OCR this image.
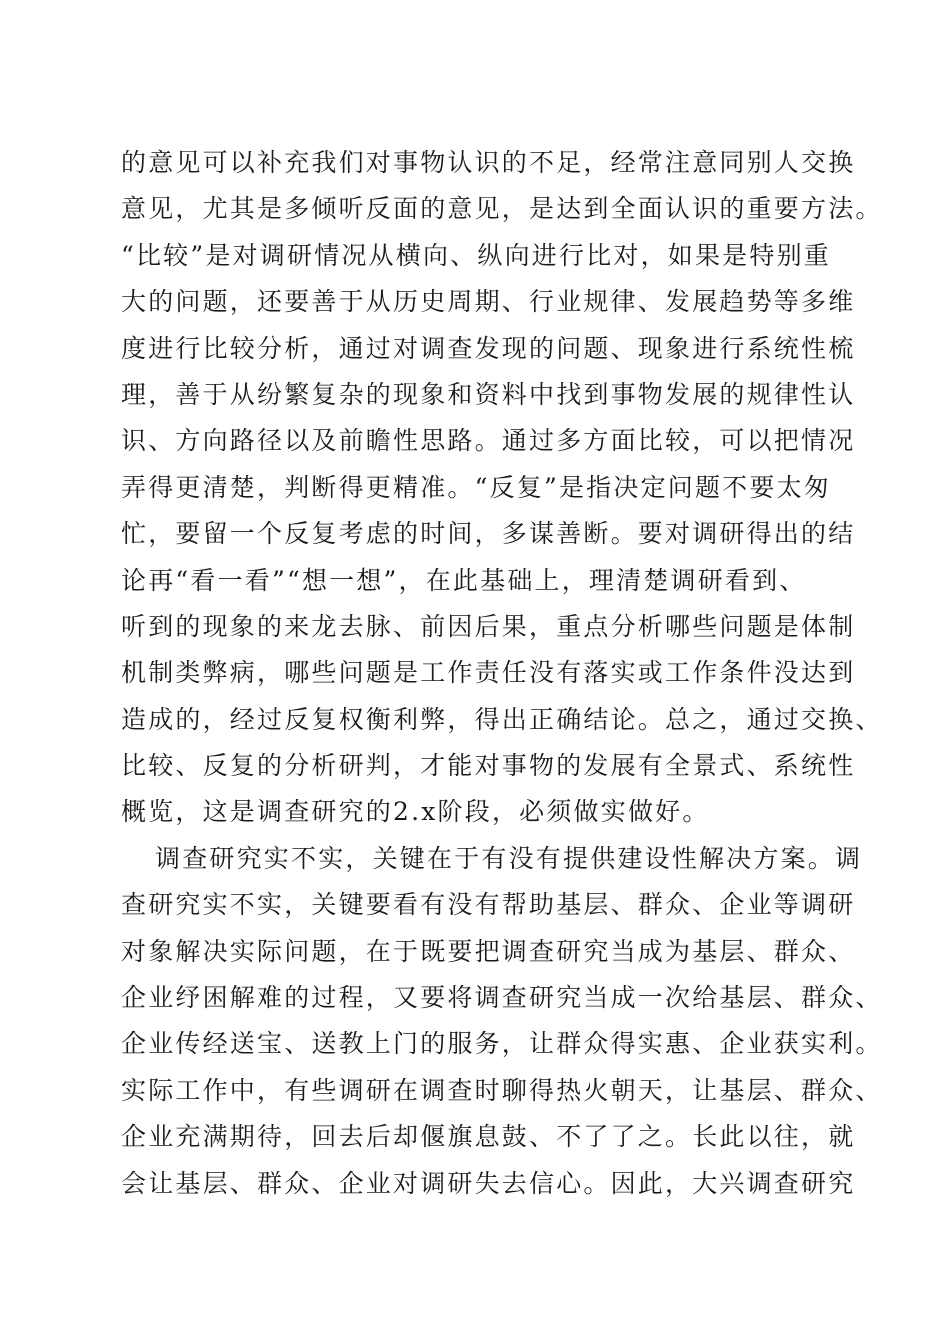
的意见可以补充我们对事物认识的不足，经常注意同别人交换
意见，尤其是多倾听反面的意见，是达到全面认识的重要方法。
“比较”是对调研情况从横向、纵向进行比对，如果是特别重
大的问题，还要善于从历史周期、行业规律、发展趋势等多维
度进行比较分析，通过对调查发现的问题、现象进行系统性梳
理，善于从纷繁复杂的现象和资料中找到事物发展的规律性认
识、方向路径以及前瞻性思路。通过多方面比较，可以把情况
弄得更清楚，判断得更精准。“反复”是指决定问题不要太匆
忙，要留一个反复考虑的时间，多谋善断。要对调研得出的结
论再“看一看”“想一想”，在此基础上，理清楚调研看到、
听到的现象的来龙去脉、前因后果，重点分析哪些问题是体制
机制类弊病，哪些问题是工作责任没有落实或工作条件没达到
造成的，经过反复权衡利弊，得出正确结论。总之，通过交换、
比较、反复的分析研判，才能对事物的发展有全景式、系统性
概览，这是调查研究的2.x阶段，必须做实做好。
调查研究实不实，关键在于有没有提供建设性解决方案。调
查研究实不实，关键要看有没有帮助基层、群众、企业等调研
对象解决实际问题，在于既要把调查研究当成为基层、群众、
企业纾困解难的过程，又要将调查研究当成一次给基层、群众、
企业传经送宝、送教上门的服务，让群众得实惠、企业获实利。
实际工作中，有些调研在调查时聊得热火朝天，让基层、群众、
企业充满期待，回去后却偃旗息鼓、不了了之。长此以往，就
会让基层、群众、企业对调研失去信心。因此，大兴调查研究
